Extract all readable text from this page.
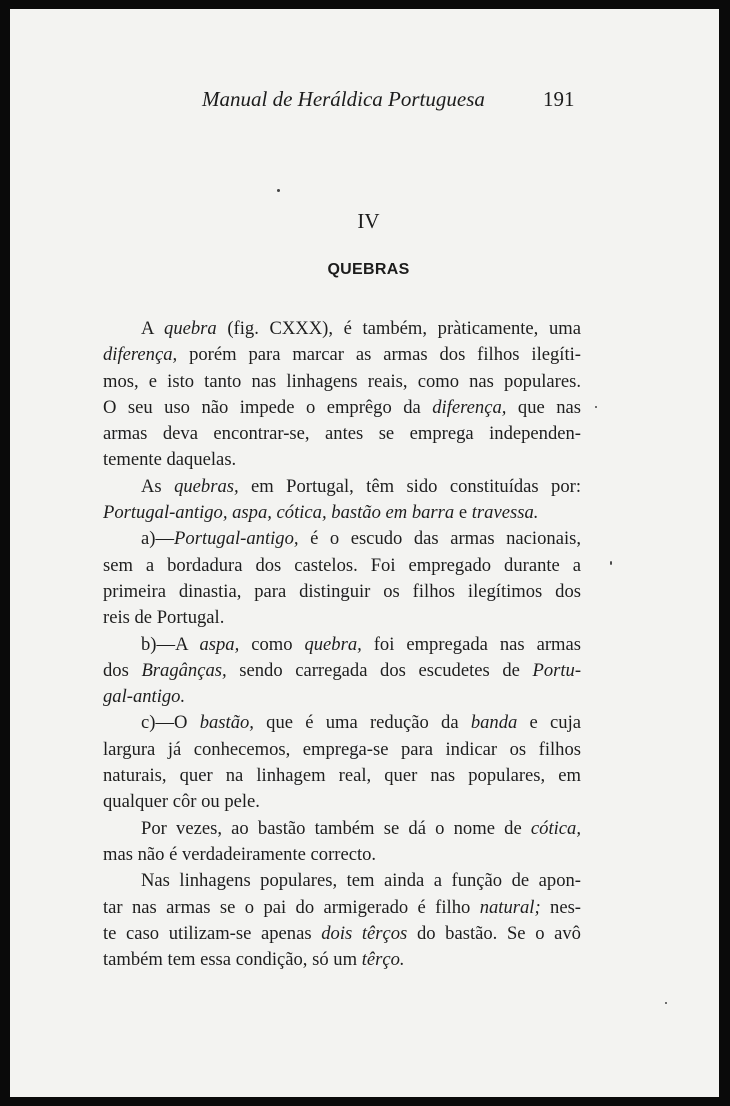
Manual de Heráldica Portuguesa	191
IV
QUEBRAS
A quebra (fig. CXXX), é também, pràticamente, uma
diferença, porém para marcar as armas dos filhos ilegíti-
mos, e isto tanto nas linhagens reais, como nas populares.
O seu uso não impede o emprêgo da diferença, que nas
armas deva encontrar-se, antes se emprega independen-
temente daquelas.
As quebras, em Portugal, têm sido constituídas por:
Portugal-antigo, aspa, cótica, bastão em barra e travessa.
a)—Portugal-antigo, é o escudo das armas nacionais,
sem a bordadura dos castelos. Foi empregado durante a
primeira dinastia, para distinguir os filhos ilegítimos dos
reis de Portugal.
b)—A aspa, como quebra, foi empregada nas armas
dos Bragânças, sendo carregada dos escudetes de Portu-
gal-antigo.
c)—O bastão, que é uma redução da banda e cuja
largura já conhecemos, emprega-se para indicar os filhos
naturais, quer na linhagem real, quer nas populares, em
qualquer côr ou pele.
Por vezes, ao bastão também se dá o nome de cótica,
mas não é verdadeiramente correcto.
Nas linhagens populares, tem ainda a função de apon-
tar nas armas se o pai do armigerado é filho natural; nes-
te caso utilizam-se apenas dois têrços do bastão. Se o avô
também tem essa condição, só um têrço.
